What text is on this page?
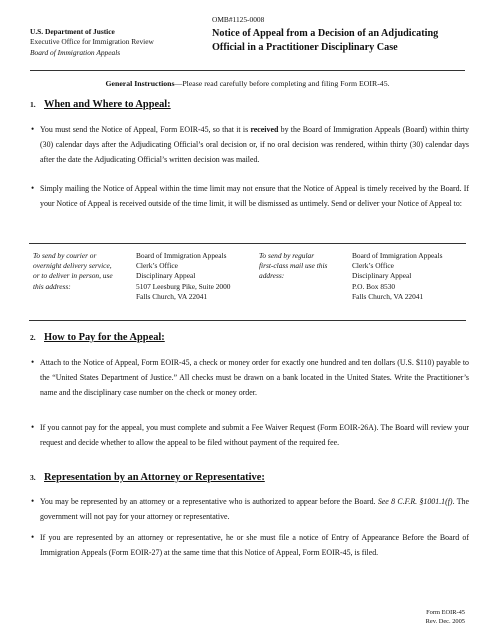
U.S. Department of Justice
Executive Office for Immigration Review
Board of Immigration Appeals
OMB#1125-0008
Notice of Appeal from a Decision of an Adjudicating
Official in a Practitioner Disciplinary Case
General Instructions—Please read carefully before completing and filing Form EOIR-45.
1. When and Where to Appeal:
• You must send the Notice of Appeal, Form EOIR-45, so that it is received by the Board of Immigration Appeals (Board) within thirty (30) calendar days after the Adjudicating Official’s oral decision or, if no oral decision was rendered, within thirty (30) calendar days after the date the Adjudicating Official’s written decision was mailed.
• Simply mailing the Notice of Appeal within the time limit may not ensure that the Notice of Appeal is timely received by the Board. If your Notice of Appeal is received outside of the time limit, it will be dismissed as untimely. Send or deliver your Notice of Appeal to:
To send by courier or
overnight delivery service,
or to deliver in person, use
this address:
Board of Immigration Appeals
Clerk’s Office
Disciplinary Appeal
5107 Leesburg Pike, Suite 2000
Falls Church, VA 22041
To send by regular
first-class mail use this
address:
Board of Immigration Appeals
Clerk’s Office
Disciplinary Appeal
P.O. Box 8530
Falls Church, VA 22041
2. How to Pay for the Appeal:
• Attach to the Notice of Appeal, Form EOIR-45, a check or money order for exactly one hundred and ten dollars (U.S. $110) payable to the “United States Department of Justice.” All checks must be drawn on a bank located in the United States. Write the Practitioner’s name and the disciplinary case number on the check or money order.
• If you cannot pay for the appeal, you must complete and submit a Fee Waiver Request (Form EOIR-26A). The Board will review your request and decide whether to allow the appeal to be filed without payment of the required fee.
3. Representation by an Attorney or Representative:
• You may be represented by an attorney or a representative who is authorized to appear before the Board. See 8 C.F.R. §1001.1(f). The government will not pay for your attorney or representative.
• If you are represented by an attorney or representative, he or she must file a notice of Entry of Appearance Before the Board of Immigration Appeals (Form EOIR-27) at the same time that this Notice of Appeal, Form EOIR-45, is filed.
Form EOIR-45
Rev. Dec. 2005
